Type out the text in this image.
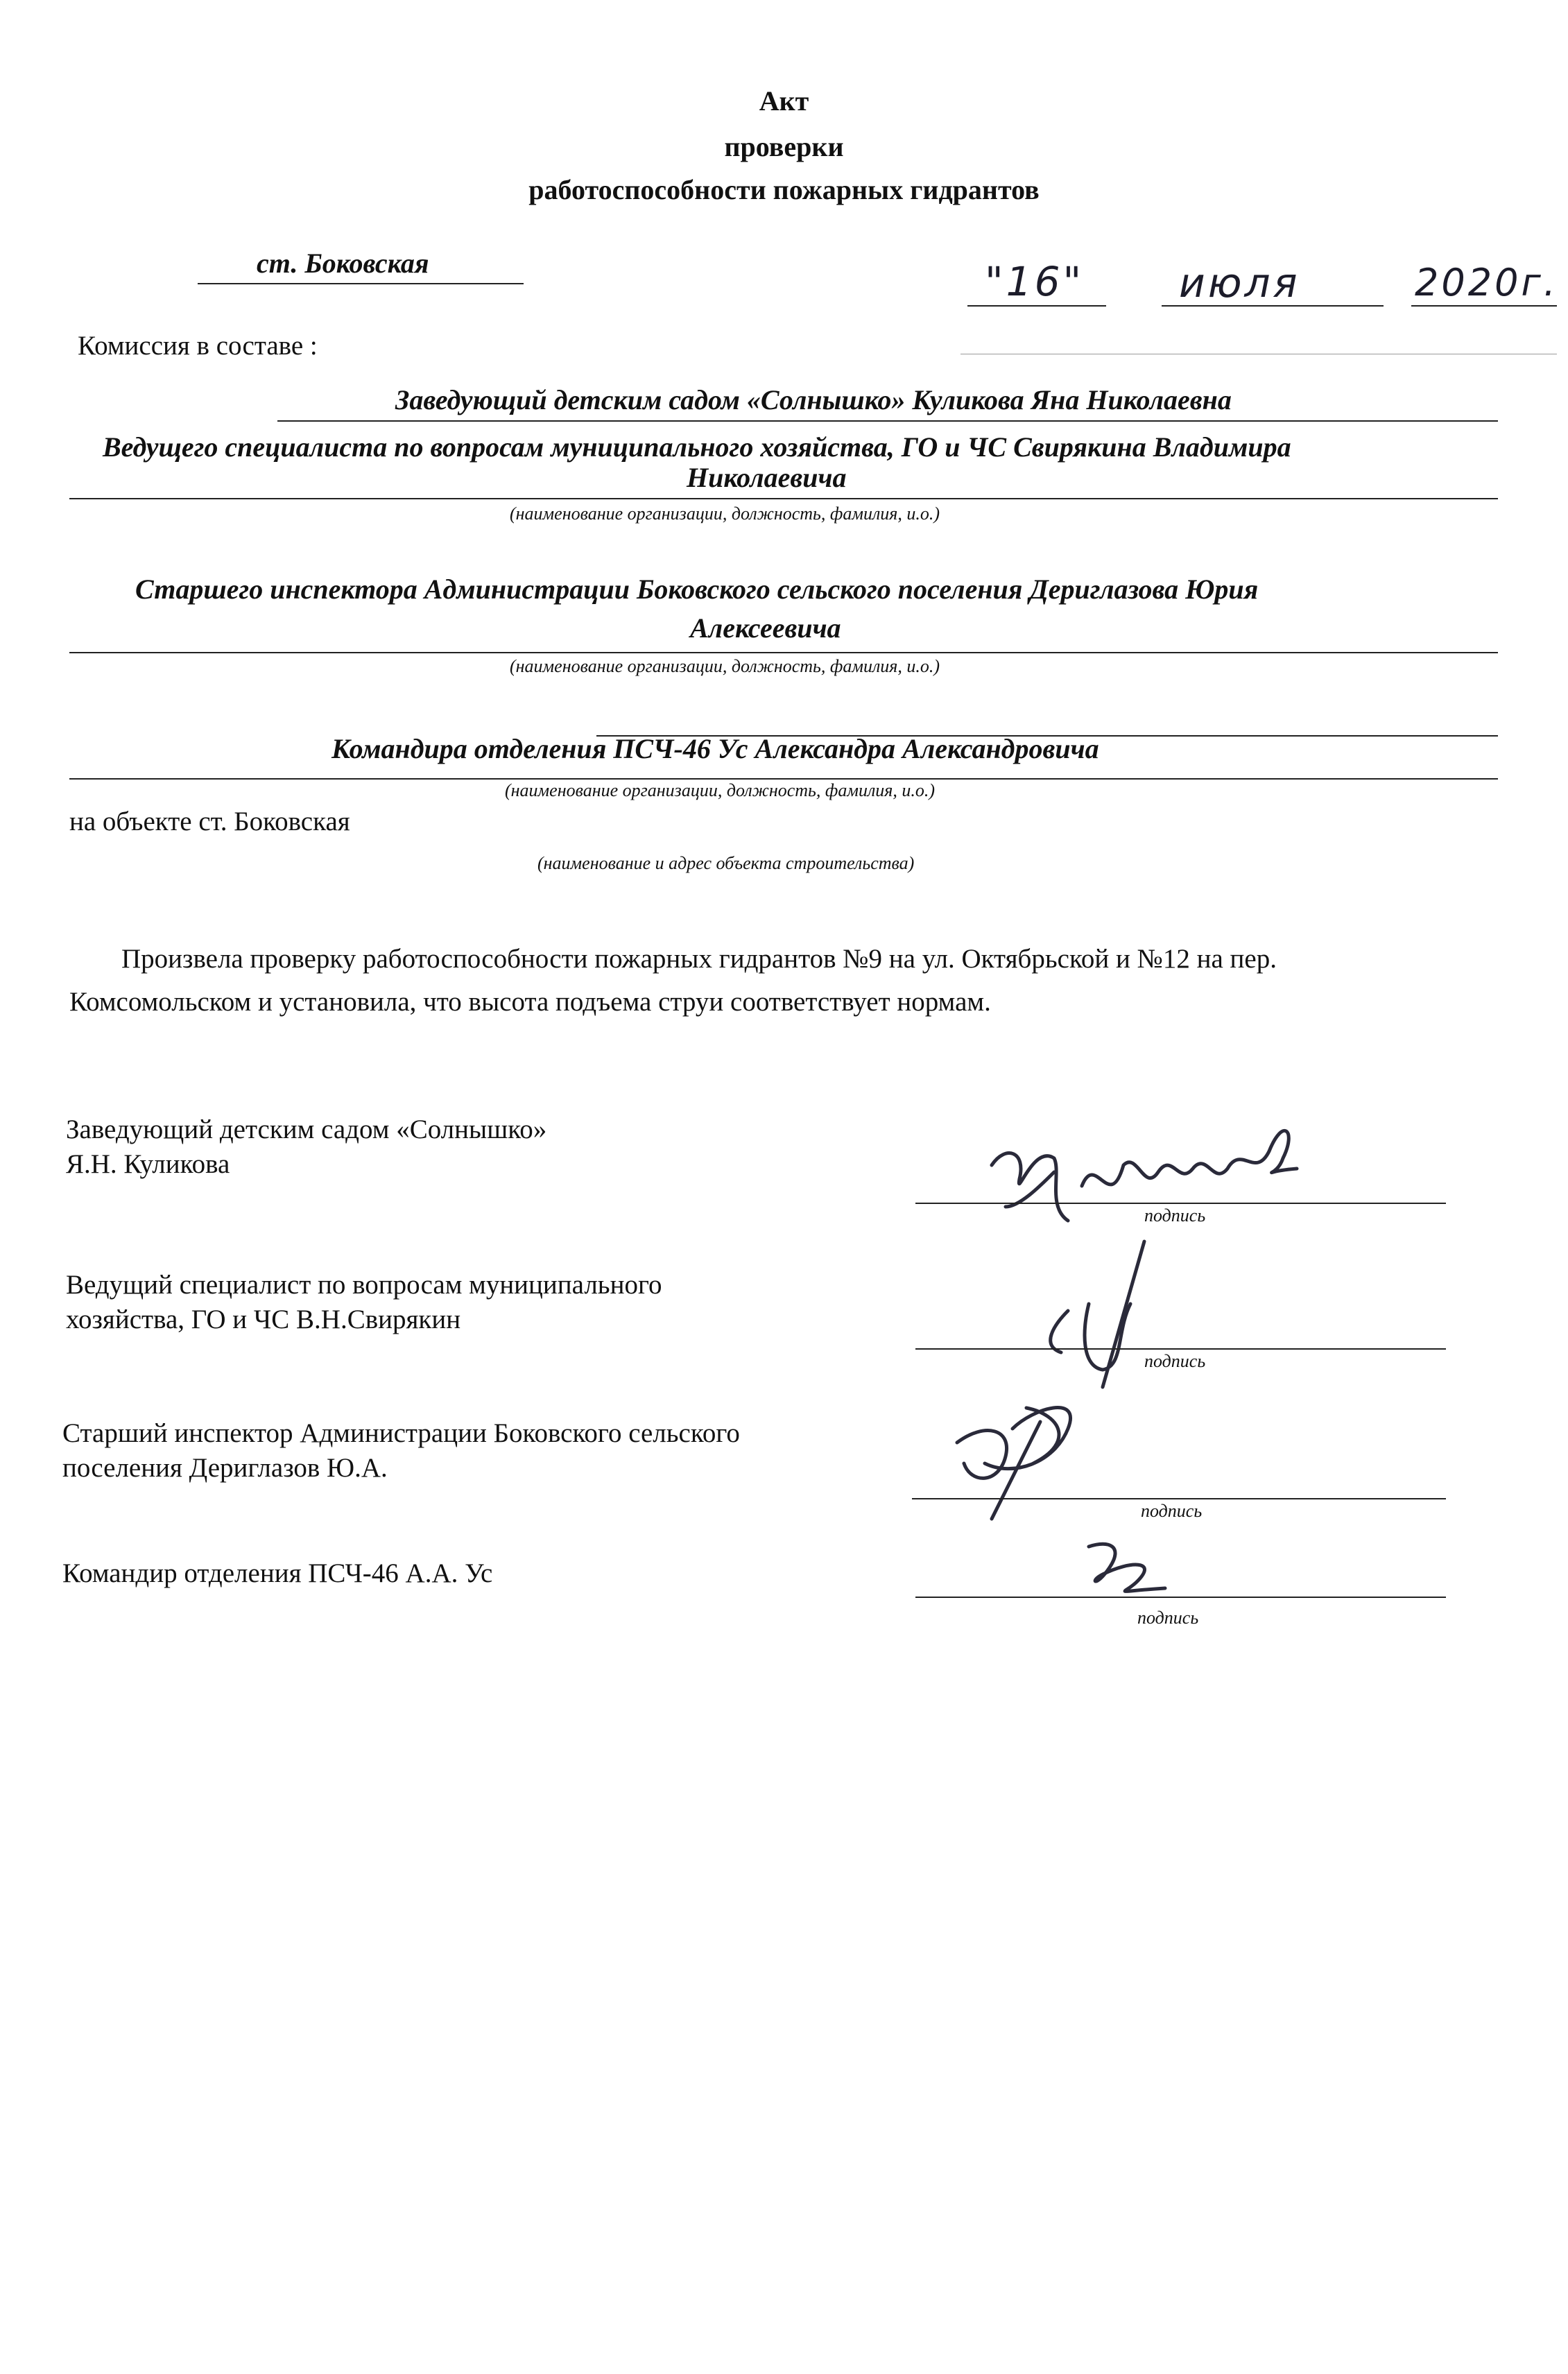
Акт
проверки
работоспособности пожарных гидрантов
ст. Боковская	"16" июля	2020г.
Комиссия в составе :
Заведующий детским садом «Солнышко» Куликова Яна Николаевна
Ведущего специалиста по вопросам муниципального хозяйства, ГО и ЧС Свирякина Владимира
Николаевича
(наименование организации, должность, фамилия, и.о.)
Старшего инспектора Администрации Боковского сельского поселения Дериглазова Юрия
Алексеевича
(наименование организации, должность, фамилия, и.о.)
Командира отделения ПСЧ-46 Ус Александра Александровича
(наименование организации, должность, фамилия, и.о.)
на объекте ст. Боковская
(наименование и адрес объекта строительства)
Произвела проверку работоспособности пожарных гидрантов №9 на ул. Октябрьской и №12 на пер.
Комсомольском и установила, что высота подъема струи соответствует нормам.
Заведующий детским садом «Солнышко»
Я.Н. Куликова
подпись
Ведущий специалист по вопросам муниципального
хозяйства, ГО и ЧС В.Н.Свирякин
подпись
Старший инспектор Администрации Боковского сельского
поселения Дериглазов Ю.А.
подпись
Командир отделения ПСЧ-46 А.А. Ус
подпись
